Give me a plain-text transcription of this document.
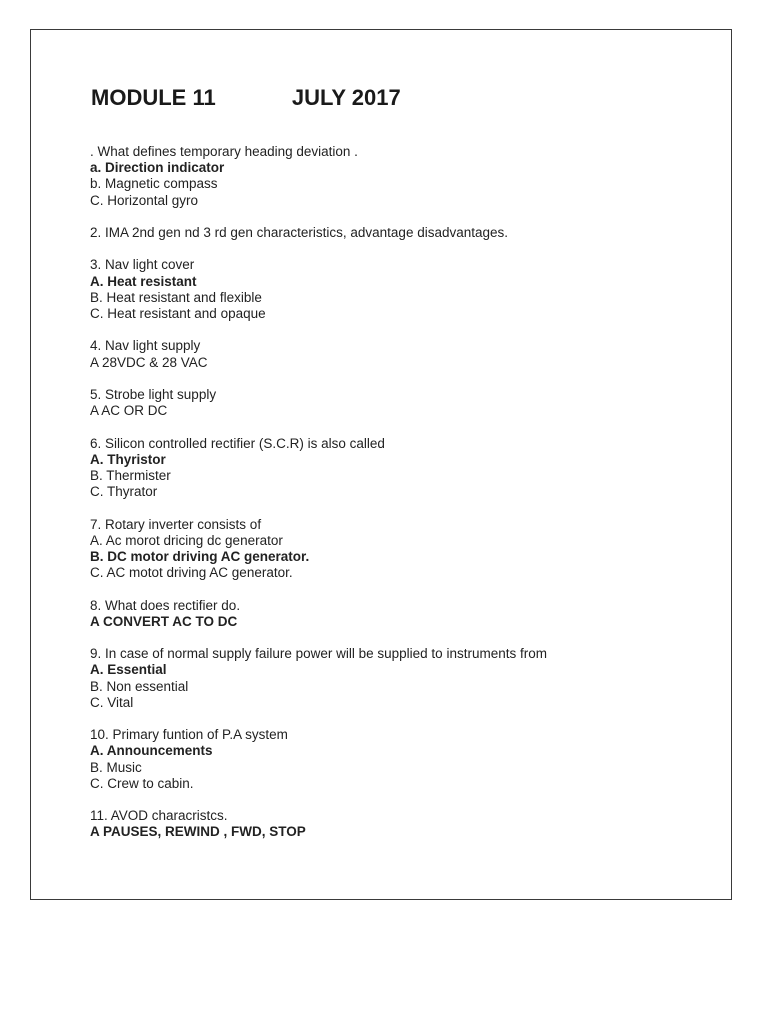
MODULE 11	JULY 2017
. What defines temporary heading deviation .
a. Direction indicator
b. Magnetic compass
C. Horizontal gyro
2. IMA 2nd gen nd 3 rd gen characteristics, advantage disadvantages.
3. Nav light cover
A. Heat resistant
B. Heat resistant and flexible
C. Heat resistant and opaque
4. Nav light supply
A 28VDC & 28 VAC
5. Strobe light supply
A AC OR DC
6. Silicon controlled rectifier (S.C.R) is also called
A. Thyristor
B. Thermister
C. Thyrator
7. Rotary inverter consists of
A. Ac morot dricing dc generator
B. DC motor driving AC generator.
C. AC motot driving AC generator.
8. What does rectifier do.
A CONVERT AC TO DC
9. In case of normal supply failure power will be supplied to instruments from
A. Essential
B. Non essential
C. Vital
10. Primary funtion of P.A system
A. Announcements
B. Music
C. Crew to cabin.
11. AVOD characristcs.
A PAUSES, REWIND , FWD, STOP
